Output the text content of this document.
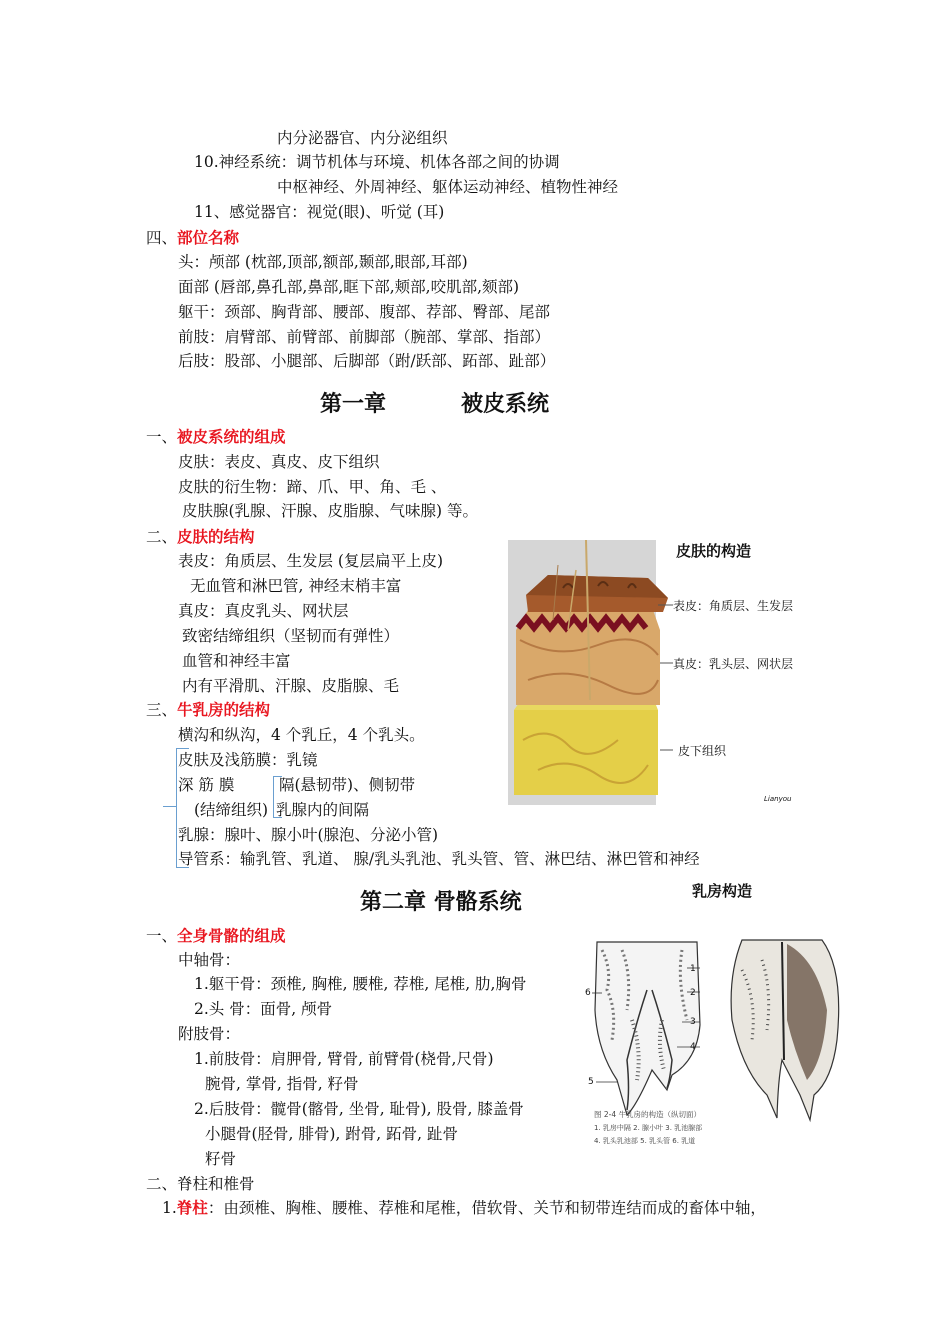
内分泌器官、内分泌组织
10.神经系统：调节机体与环境、机体各部之间的协调
中枢神经、外周神经、躯体运动神经、植物性神经
11、感觉器官：视觉(眼)、听觉 (耳)
四、部位名称
头：颅部 (枕部,顶部,额部,颞部,眼部,耳部)
面部 (唇部,鼻孔部,鼻部,眶下部,颊部,咬肌部,颏部)
躯干：颈部、胸背部、腰部、腹部、荐部、臀部、尾部
前肢：肩臂部、前臂部、前脚部（腕部、掌部、指部）
后肢：股部、小腿部、后脚部（跗/跃部、跖部、趾部）
第一章	被皮系统
一、被皮系统的组成
皮肤：表皮、真皮、皮下组织
皮肤的衍生物：蹄、爪、甲、角、毛 、
皮肤腺(乳腺、汗腺、皮脂腺、气味腺) 等。
二、皮肤的结构
表皮：角质层、生发层 (复层扁平上皮)
无血管和淋巴管, 神经末梢丰富
真皮：真皮乳头、网状层
致密结缔组织（坚韧而有弹性）
血管和神经丰富
内有平滑肌、汗腺、皮脂腺、毛
三、牛乳房的结构
横沟和纵沟，4 个乳丘，4 个乳头。
皮肤及浅筋膜：乳镜
深 筋 膜	隔(悬韧带)、侧韧带
(结缔组织) 乳腺内的间隔
乳腺：腺叶、腺小叶(腺泡、分泌小管)
导管系：输乳管、乳道、 腺/乳头乳池、乳头管、管、淋巴结、淋巴管和神经
皮肤的构造
表皮：角质层、生发层
真皮：乳头层、网状层
皮下组织
Lianyou
第二章 骨骼系统	乳房构造
一、全身骨骼的组成
中轴骨：
1.躯干骨：颈椎, 胸椎, 腰椎, 荐椎, 尾椎, 肋,胸骨
2.头 骨：面骨, 颅骨
附肢骨：
1.前肢骨：肩胛骨, 臂骨, 前臂骨(桡骨,尺骨)
腕骨, 掌骨, 指骨, 籽骨
2.后肢骨：髋骨(髂骨, 坐骨, 耻骨), 股骨, 膝盖骨
小腿骨(胫骨, 腓骨), 跗骨, 跖骨, 趾骨
籽骨
二、脊柱和椎骨
1.脊柱：由颈椎、胸椎、腰椎、荐椎和尾椎，借软骨、关节和韧带连结而成的畜体中轴，
1
2
3
4
5
6
图 2-4 牛乳房的构造（纵切面）
1. 乳房中隔 2. 腺小叶 3. 乳池腺部
4. 乳头乳池部 5. 乳头管 6. 乳道
